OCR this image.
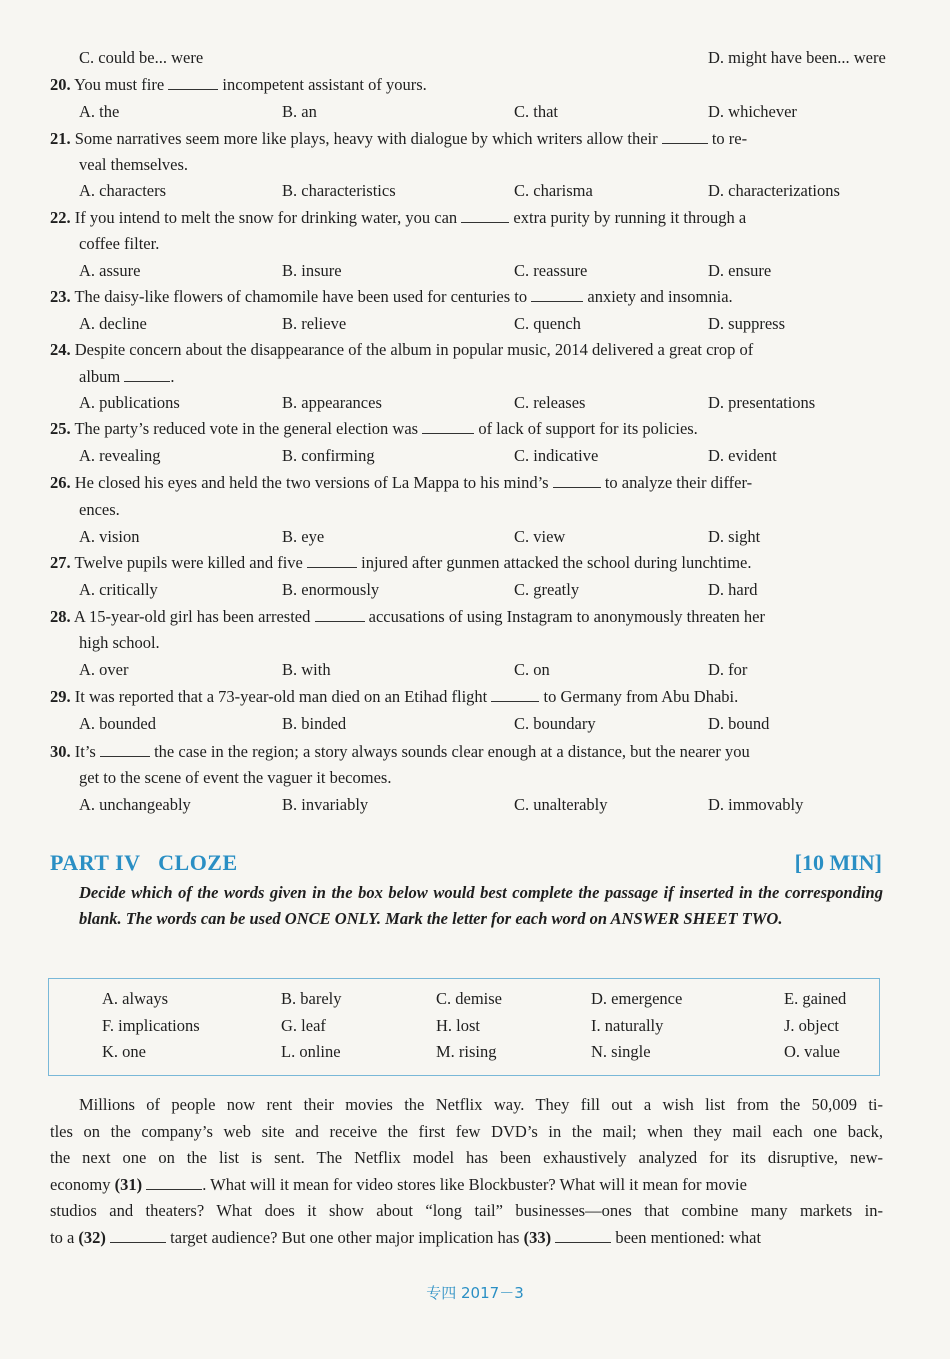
C. could be... were	D. might have been... were
20. You must fire	incompetent assistant of yours.
A. the	B. an	C. that	D. whichever
21. Some narratives seem more like plays, heavy with dialogue by which writers allow their	to re-
veal themselves.
A. characters	B. characteristics	C. charisma	D. characterizations
22. If you intend to melt the snow for drinking water, you can	extra purity by running it through a
coffee filter.
A. assure	B. insure	C. reassure	D. ensure
23. The daisy-like flowers of chamomile have been used for centuries to	anxiety and insomnia.
A. decline	B. relieve	C. quench	D. suppress
24. Despite concern about the disappearance of the album in popular music, 2014 delivered a great crop of
album	.
A. publications	B. appearances	C. releases	D. presentations
25. The party’s reduced vote in the general election was	of lack of support for its policies.
A. revealing	B. confirming	C. indicative	D. evident
26. He closed his eyes and held the two versions of La Mappa to his mind’s	to analyze their differ-
ences.
A. vision	B. eye	C. view	D. sight
27. Twelve pupils were killed and five	injured after gunmen attacked the school during lunchtime.
A. critically	B. enormously	C. greatly	D. hard
28. A 15-year-old girl has been arrested	accusations of using Instagram to anonymously threaten her
high school.
A. over	B. with	C. on	D. for
29. It was reported that a 73-year-old man died on an Etihad flight	to Germany from Abu Dhabi.
A. bounded	B. binded	C. boundary	D. bound
30. It’s	the case in the region; a story always sounds clear enough at a distance, but the nearer you
get to the scene of event the vaguer it becomes.
A. unchangeably	B. invariably	C. unalterably	D. immovably
PART IV   CLOZE	[10 MIN]
Decide which of the words given in the box below would best complete the passage if inserted in the corresponding blank. The words can be used ONCE ONLY. Mark the letter for each word on ANSWER SHEET TWO.
A. always	B. barely	C. demise	D. emergence	E. gained
F. implications	G. leaf	H. lost	I. naturally	J. object
K. one	L. online	M. rising	N. single	O. value
Millions of people now rent their movies the Netflix way. They fill out a wish list from the 50,009 ti-
tles on the company’s web site and receive the first few DVD’s in the mail; when they mail each one back,
the next one on the list is sent. The Netflix model has been exhaustively analyzed for its disruptive, new-
economy (31)	. What will it mean for video stores like Blockbuster? What will it mean for movie
studios and theaters? What does it show about “long tail” businesses—ones that combine many markets in-
to a (32)	target audience? But one other major implication has (33)	been mentioned: what
专四 2017－3
